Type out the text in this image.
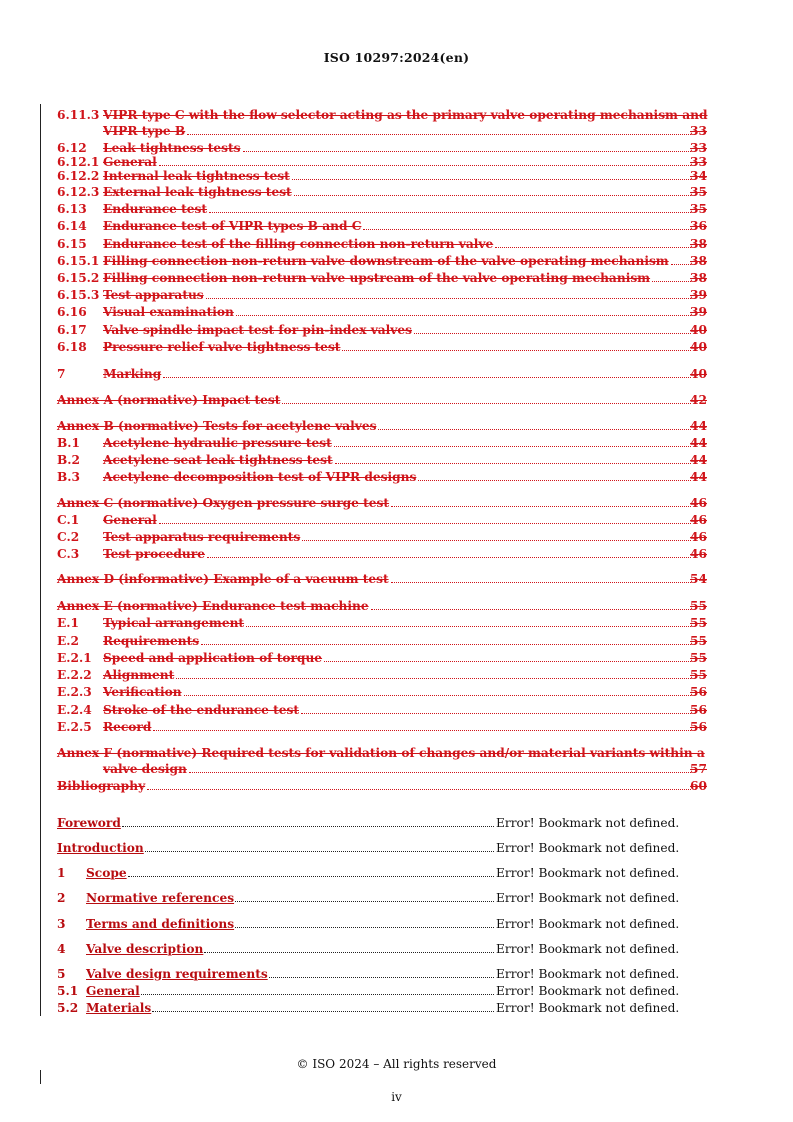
ISO 10297:2024(en)
6.11.3 VIPR type C with the flow selector acting as the primary valve operating mechanism and
VIPR type B	33
6.12 Leak tightness tests	33
6.12.1 General	33
6.12.2 Internal leak tightness test	34
6.12.3 External leak tightness test	35
6.13 Endurance test	35
6.14 Endurance test of VIPR types B and C	36
6.15 Endurance test of the filling connection non-return valve	38
6.15.1 Filling connection non-return valve downstream of the valve operating mechanism 38
6.15.2 Filling connection non-return valve upstream of the valve operating mechanism	38
6.15.3 Test apparatus	39
6.16 Visual examination	39
6.17 Valve spindle impact test for pin-index valves	40
6.18 Pressure relief valve tightness test	40
7	Marking	40
Annex A (normative) Impact test	42
Annex B (normative) Tests for acetylene valves	44
B.1 Acetylene hydraulic pressure test	44
B.2 Acetylene seat leak tightness test	44
B.3 Acetylene decomposition test of VIPR designs	44
Annex C (normative) Oxygen pressure surge test	46
C.1 General	46
C.2 Test apparatus requirements	46
C.3 Test procedure	46
Annex D (informative) Example of a vacuum test	54
Annex E (normative) Endurance test machine	55
E.1 Typical arrangement	55
E.2 Requirements	55
E.2.1 Speed and application of torque	55
E.2.2 Alignment	55
E.2.3 Verification	56
E.2.4 Stroke of the endurance test	56
E.2.5 Record	56
Annex F (normative) Required tests for validation of changes and/or material variants within a
valve design	57
Bibliography	60
Foreword	Error! Bookmark not defined.
Introduction	Error! Bookmark not defined.
1 Scope	Error! Bookmark not defined.
2 Normative references	Error! Bookmark not defined.
3 Terms and definitions	Error! Bookmark not defined.
4 Valve description	Error! Bookmark not defined.
5 Valve design requirements	Error! Bookmark not defined.
5.1 General	Error! Bookmark not defined.
5.2 Materials	Error! Bookmark not defined.
© ISO 2024 – All rights reserved
iv
